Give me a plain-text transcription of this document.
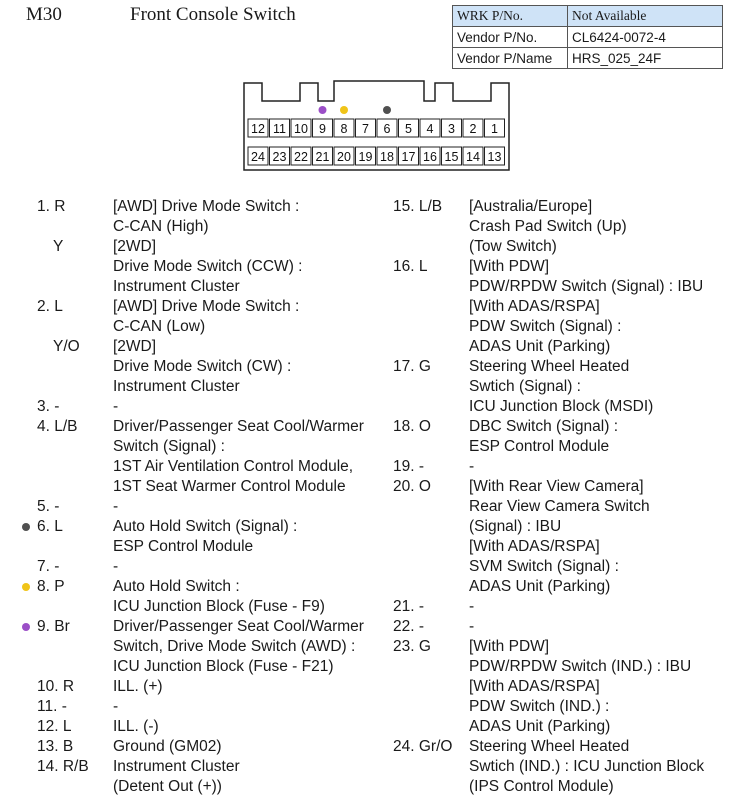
M30	Front Console Switch	WRK P/No.	Not Available
Vendor P/No.	CL6424-0072-4
Vendor P/Name	HRS_025_24F
12 11 10 9 8 7 6 5 4 3 2 1
24 23 22 21 20 19 18 17 16 15 14 13
1. R	[AWD] Drive Mode Switch :
C-CAN (High)
Y	[2WD]
Drive Mode Switch (CCW) :
Instrument Cluster
2. L	[AWD] Drive Mode Switch :
C-CAN (Low)
Y/O	[2WD]
Drive Mode Switch (CW) :
Instrument Cluster
3. -	-
4. L/B	Driver/Passenger Seat Cool/Warmer
Switch (Signal) :
1ST Air Ventilation Control Module,
1ST Seat Warmer Control Module
5. -	-
6. L	Auto Hold Switch (Signal) :
ESP Control Module
7. -	-
8. P	Auto Hold Switch :
ICU Junction Block (Fuse - F9)
9. Br	Driver/Passenger Seat Cool/Warmer
Switch, Drive Mode Switch (AWD) :
ICU Junction Block (Fuse - F21)
10. R	ILL. (+)
11. -	-
12. L	ILL. (-)
13. B	Ground (GM02)
14. R/B	Instrument Cluster
(Detent Out (+))
15. L/B	[Australia/Europe]
Crash Pad Switch (Up)
(Tow Switch)
16. L	[With PDW]
PDW/RPDW Switch (Signal) : IBU
[With ADAS/RSPA]
PDW Switch (Signal) :
ADAS Unit (Parking)
17. G	Steering Wheel Heated
Swtich (Signal) :
ICU Junction Block (MSDI)
18. O	DBC Switch (Signal) :
ESP Control Module
19. -	-
20. O	[With Rear View Camera]
Rear View Camera Switch
(Signal) : IBU
[With ADAS/RSPA]
SVM Switch (Signal) :
ADAS Unit (Parking)
21. -	-
22. -	-
23. G	[With PDW]
PDW/RPDW Switch (IND.) : IBU
[With ADAS/RSPA]
PDW Switch (IND.) :
ADAS Unit (Parking)
24. Gr/O	Steering Wheel Heated
Swtich (IND.) : ICU Junction Block
(IPS Control Module)
